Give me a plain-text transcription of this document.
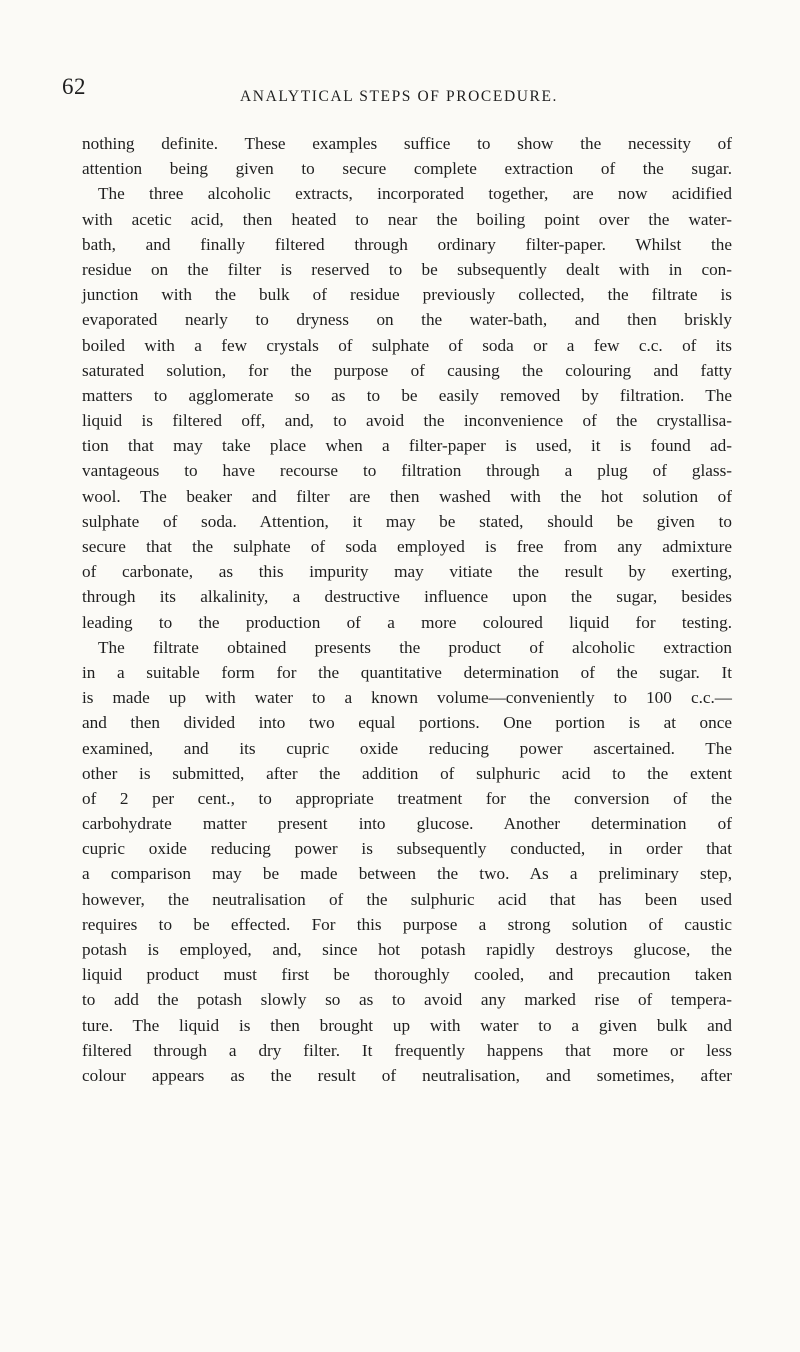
62	ANALYTICAL STEPS OF PROCEDURE.
nothing definite. These examples suffice to show the necessity of
attention being given to secure complete extraction of the sugar.
The three alcoholic extracts, incorporated together, are now acidified
with acetic acid, then heated to near the boiling point over the water-
bath, and finally filtered through ordinary filter-paper. Whilst the
residue on the filter is reserved to be subsequently dealt with in con-
junction with the bulk of residue previously collected, the filtrate is
evaporated nearly to dryness on the water-bath, and then briskly
boiled with a few crystals of sulphate of soda or a few c.c. of its
saturated solution, for the purpose of causing the colouring and fatty
matters to agglomerate so as to be easily removed by filtration. The
liquid is filtered off, and, to avoid the inconvenience of the crystallisa-
tion that may take place when a filter-paper is used, it is found ad-
vantageous to have recourse to filtration through a plug of glass-
wool. The beaker and filter are then washed with the hot solution of
sulphate of soda. Attention, it may be stated, should be given to
secure that the sulphate of soda employed is free from any admixture
of carbonate, as this impurity may vitiate the result by exerting,
through its alkalinity, a destructive influence upon the sugar, besides
leading to the production of a more coloured liquid for testing.
The filtrate obtained presents the product of alcoholic extraction
in a suitable form for the quantitative determination of the sugar. It
is made up with water to a known volume—conveniently to 100 c.c.—
and then divided into two equal portions. One portion is at once
examined, and its cupric oxide reducing power ascertained. The
other is submitted, after the addition of sulphuric acid to the extent
of 2 per cent., to appropriate treatment for the conversion of the
carbohydrate matter present into glucose. Another determination of
cupric oxide reducing power is subsequently conducted, in order that
a comparison may be made between the two. As a preliminary step,
however, the neutralisation of the sulphuric acid that has been used
requires to be effected. For this purpose a strong solution of caustic
potash is employed, and, since hot potash rapidly destroys glucose, the
liquid product must first be thoroughly cooled, and precaution taken
to add the potash slowly so as to avoid any marked rise of tempera-
ture. The liquid is then brought up with water to a given bulk and
filtered through a dry filter. It frequently happens that more or less
colour appears as the result of neutralisation, and sometimes, after
